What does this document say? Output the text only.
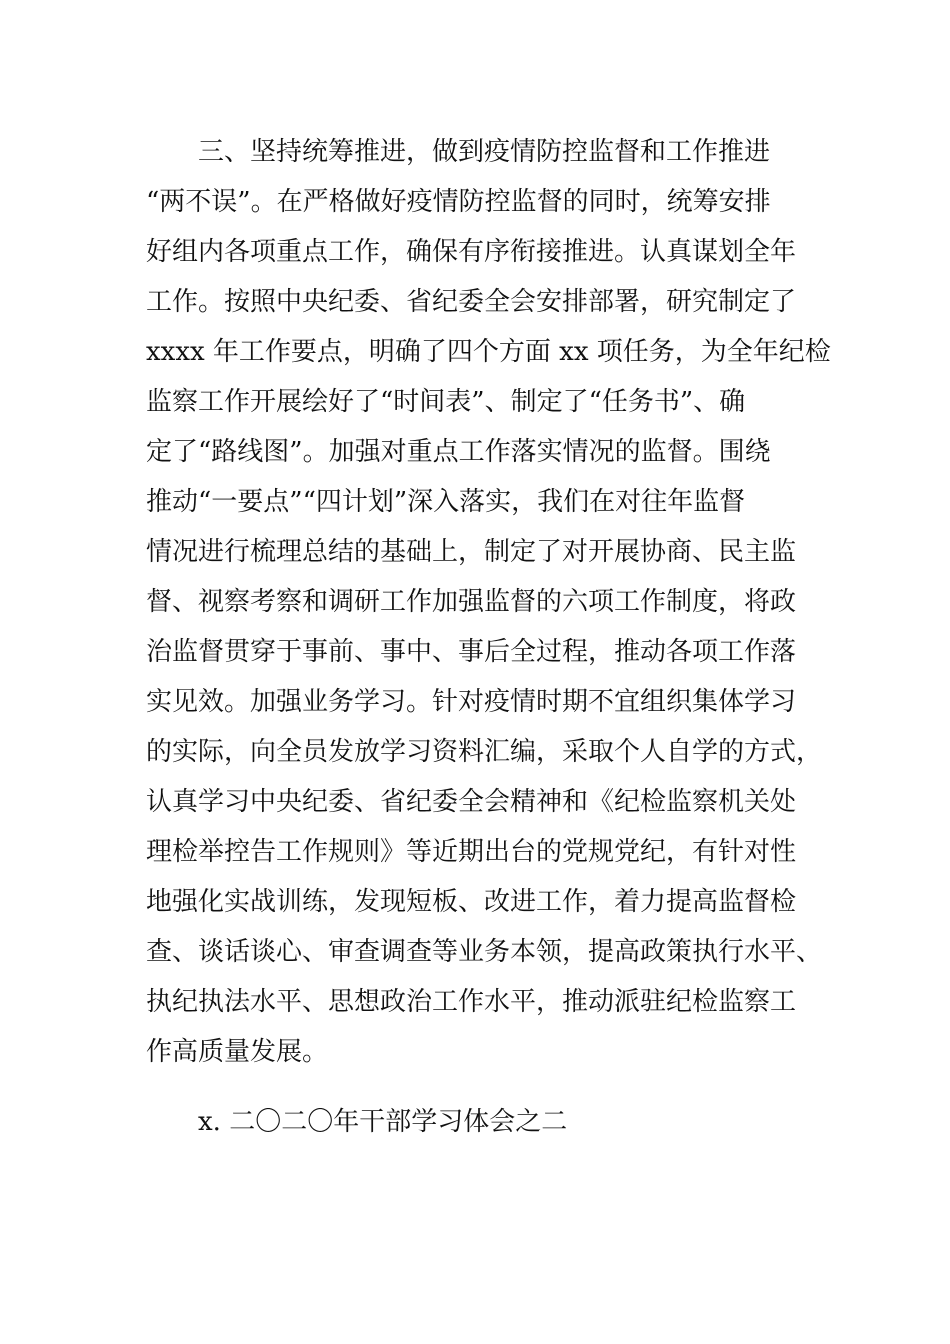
三、坚持统筹推进，做到疫情防控监督和工作推进
“两不误”。在严格做好疫情防控监督的同时，统筹安排
好组内各项重点工作，确保有序衔接推进。认真谋划全年
工作。按照中央纪委、省纪委全会安排部署，研究制定了
xxxx 年工作要点，明确了四个方面 xx 项任务，为全年纪检
监察工作开展绘好了“时间表”、制定了“任务书”、确
定了“路线图”。加强对重点工作落实情况的监督。围绕
推动“一要点”“四计划”深入落实，我们在对往年监督
情况进行梳理总结的基础上，制定了对开展协商、民主监
督、视察考察和调研工作加强监督的六项工作制度，将政
治监督贯穿于事前、事中、事后全过程，推动各项工作落
实见效。加强业务学习。针对疫情时期不宜组织集体学习
的实际，向全员发放学习资料汇编，采取个人自学的方式，
认真学习中央纪委、省纪委全会精神和《纪检监察机关处
理检举控告工作规则》等近期出台的党规党纪，有针对性
地强化实战训练，发现短板、改进工作，着力提高监督检
查、谈话谈心、审查调查等业务本领，提高政策执行水平、
执纪执法水平、思想政治工作水平，推动派驻纪检监察工
作高质量发展。
x. 二〇二〇年干部学习体会之二
